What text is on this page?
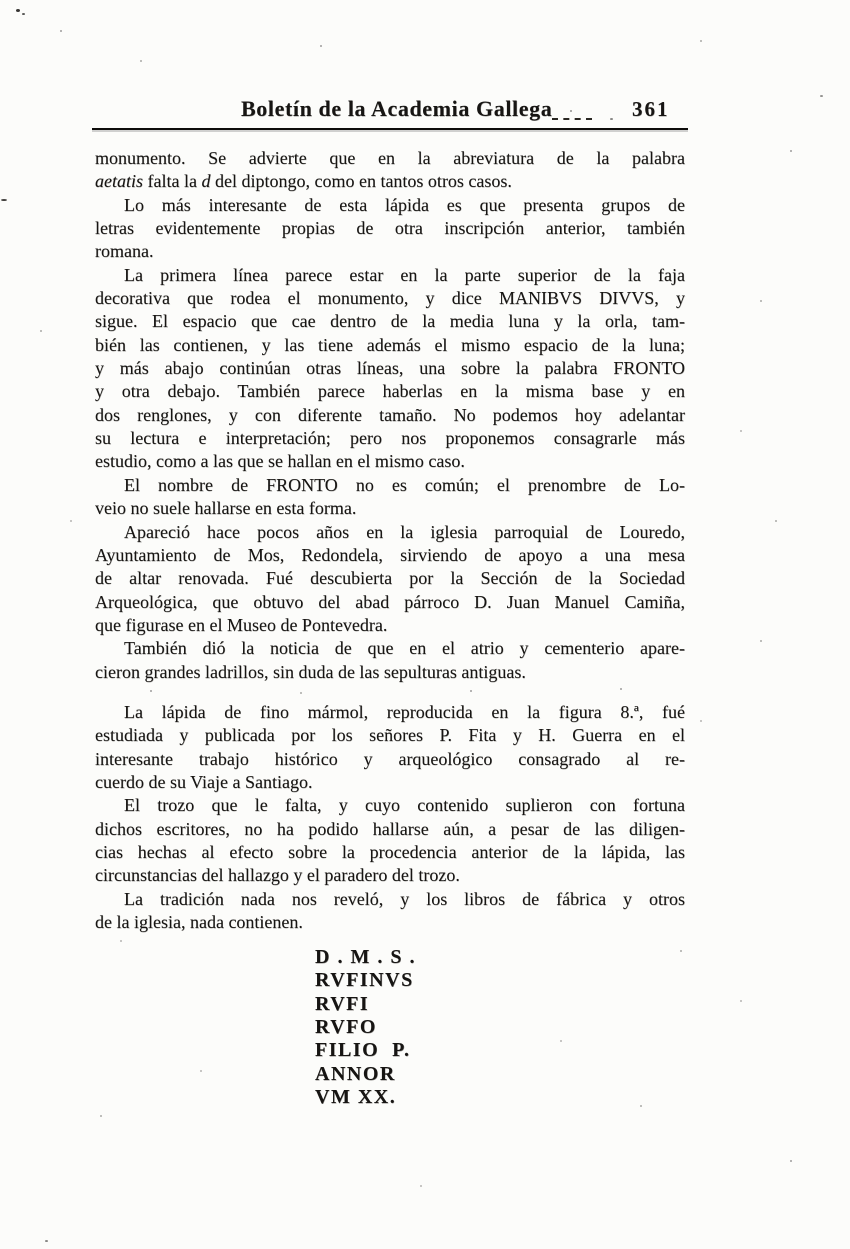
Boletín de la Academia Gallega	361
monumento. Se advierte que en la abreviatura de la palabra
aetatis falta la d del diptongo, como en tantos otros casos.
Lo más interesante de esta lápida es que presenta grupos de
letras evidentemente propias de otra inscripción anterior, también
romana.
La primera línea parece estar en la parte superior de la faja
decorativa que rodea el monumento, y dice MANIBVS DIVVS, y
sigue. El espacio que cae dentro de la media luna y la orla, tam-
bién las contienen, y las tiene además el mismo espacio de la luna;
y más abajo continúan otras líneas, una sobre la palabra FRONTO
y otra debajo. También parece haberlas en la misma base y en
dos renglones, y con diferente tamaño. No podemos hoy adelantar
su lectura e interpretación; pero nos proponemos consagrarle más
estudio, como a las que se hallan en el mismo caso.
El nombre de FRONTO no es común; el prenombre de Lo-
veio no suele hallarse en esta forma.
Apareció hace pocos años en la iglesia parroquial de Louredo,
Ayuntamiento de Mos, Redondela, sirviendo de apoyo a una mesa
de altar renovada. Fué descubierta por la Sección de la Sociedad
Arqueológica, que obtuvo del abad párroco D. Juan Manuel Camiña,
que figurase en el Museo de Pontevedra.
También dió la noticia de que en el atrio y cementerio apare-
cieron grandes ladrillos, sin duda de las sepulturas antiguas.
La lápida de fino mármol, reproducida en la figura 8.ª, fué
estudiada y publicada por los señores P. Fita y H. Guerra en el
interesante trabajo histórico y arqueológico consagrado al re-
cuerdo de su Viaje a Santiago.
El trozo que le falta, y cuyo contenido suplieron con fortuna
dichos escritores, no ha podido hallarse aún, a pesar de las diligen-
cias hechas al efecto sobre la procedencia anterior de la lápida, las
circunstancias del hallazgo y el paradero del trozo.
La tradición nada nos reveló, y los libros de fábrica y otros
de la iglesia, nada contienen.
D . M . S .
RVFINVS
RVFI
RVFO
FILIO  P.
ANNOR
VM XX.
